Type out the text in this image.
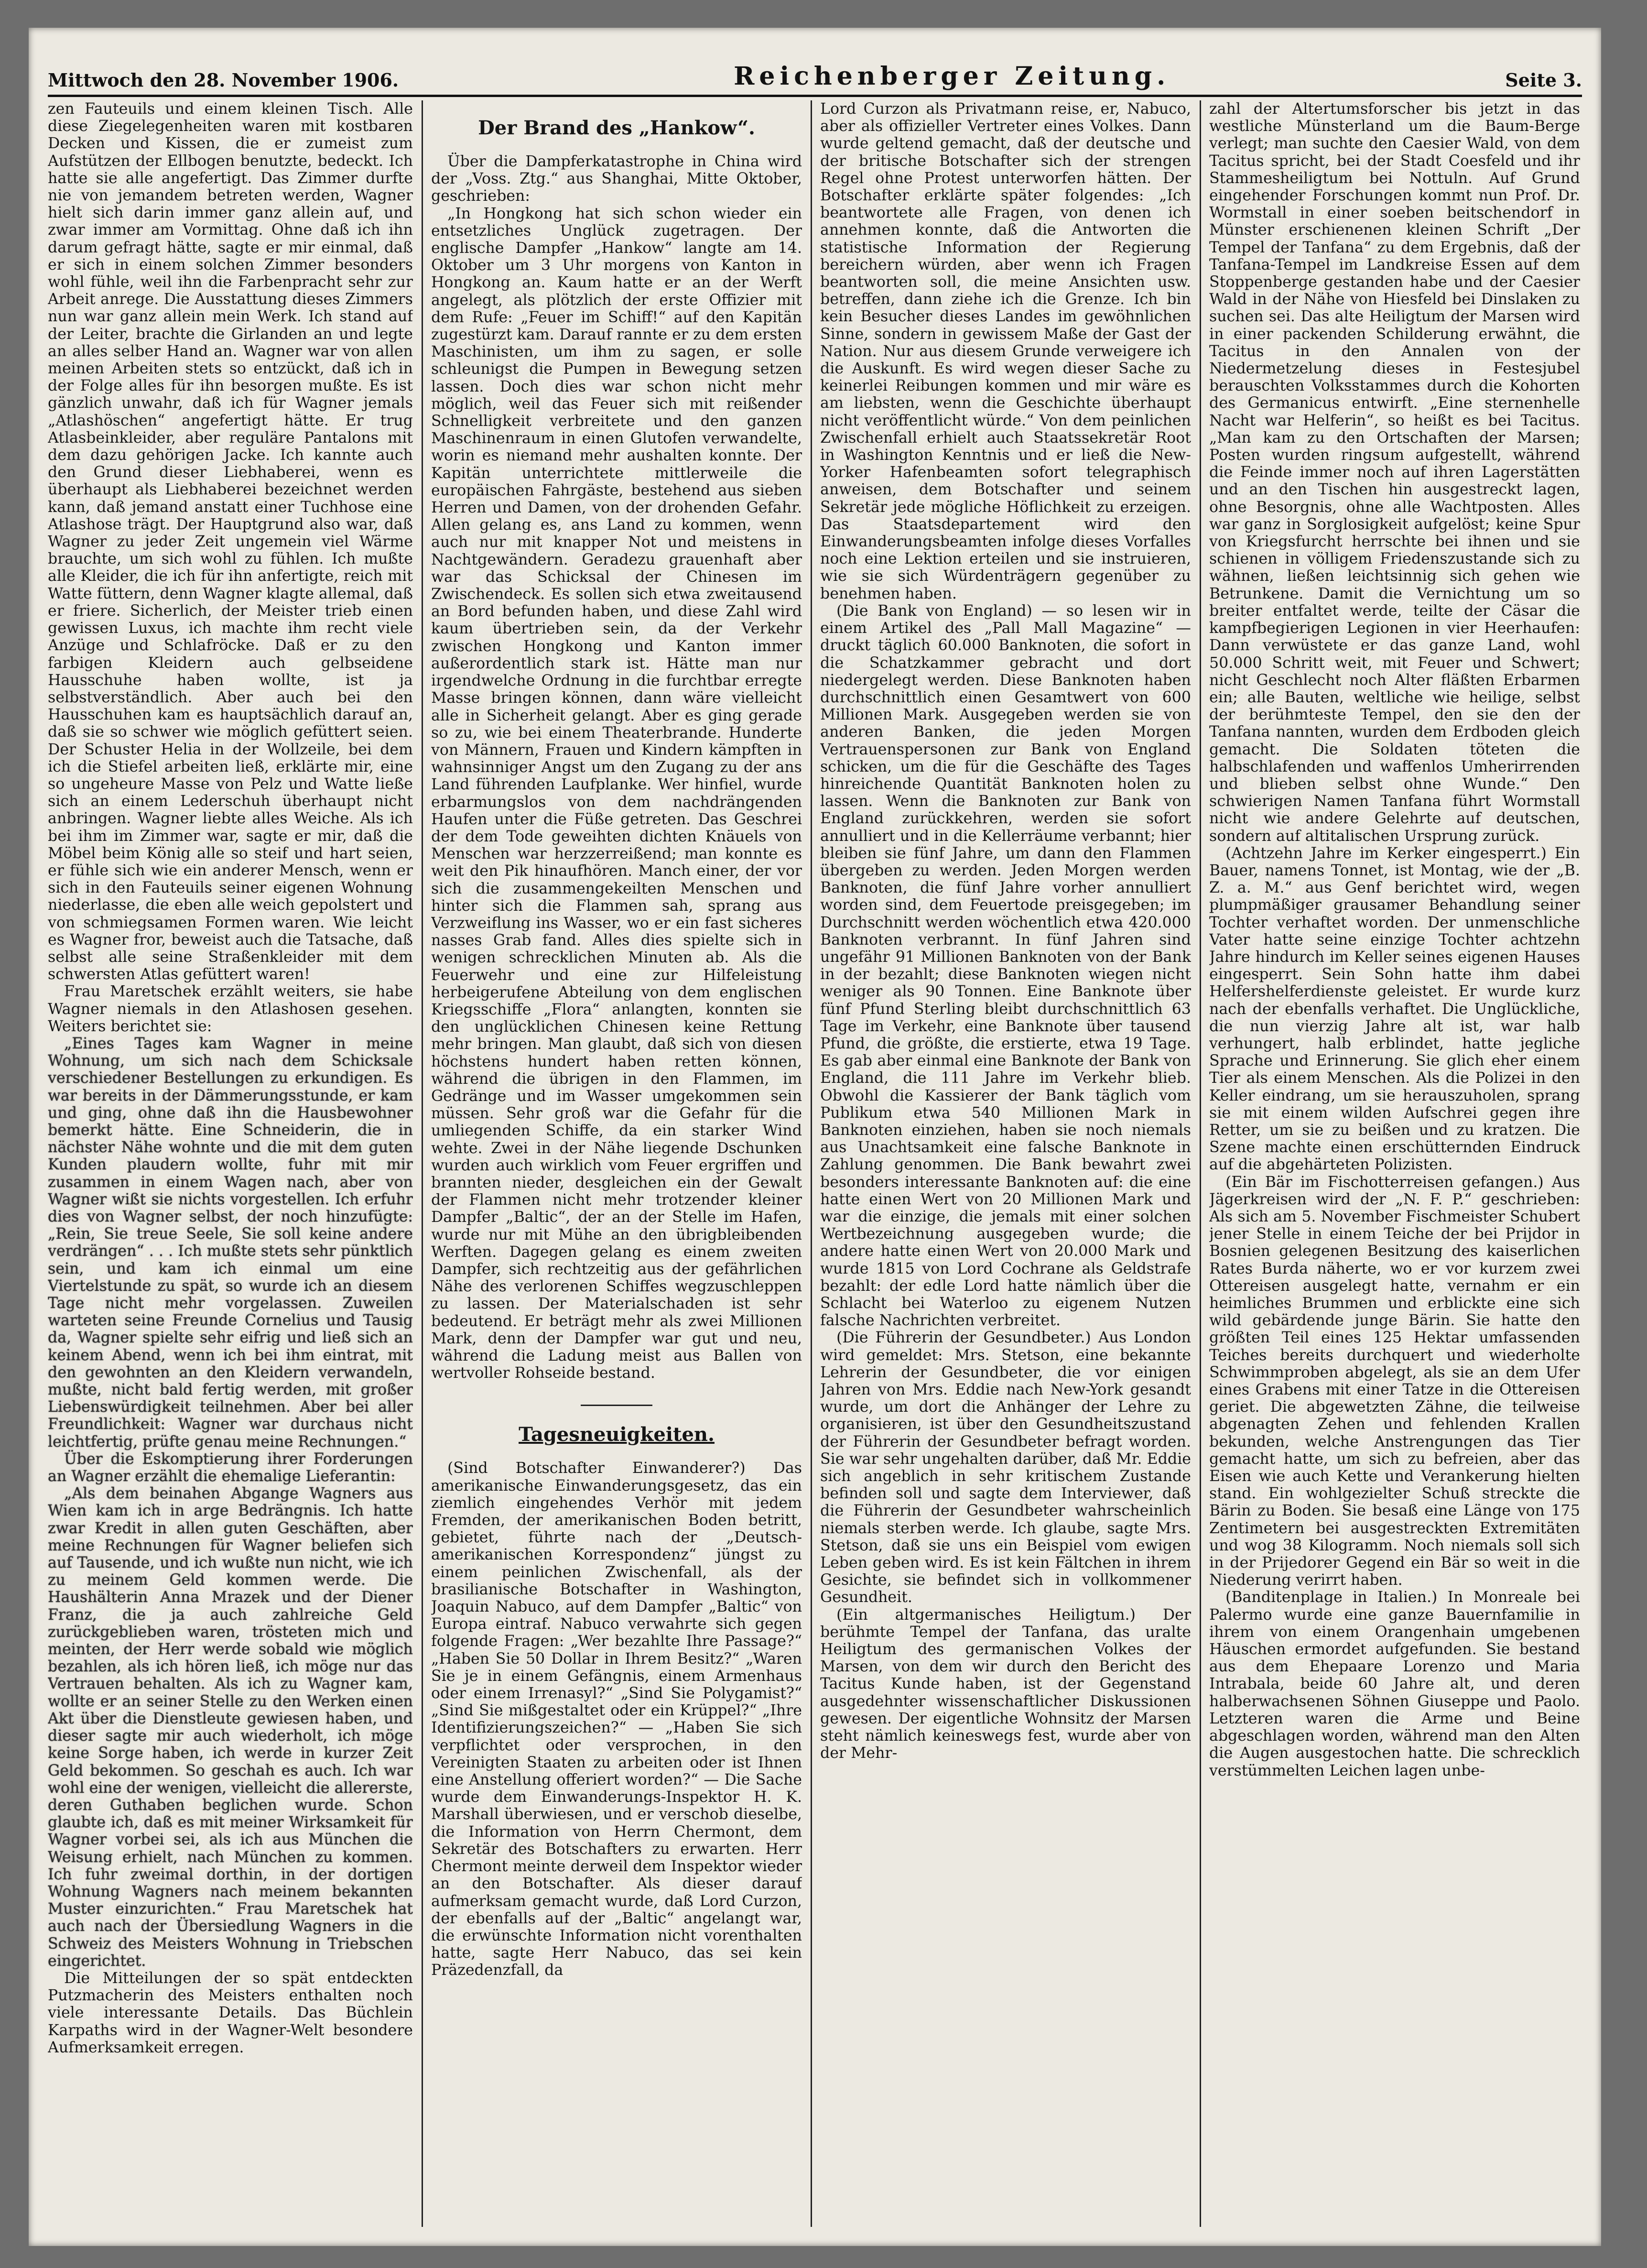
Mittwoch den 28. November 1906.	Reichenberger Zeitung.	Seite 3.

zen Fauteuils und einem kleinen Tisch. Alle diese Ziegelegenheiten waren mit kostbaren Decken und Kissen, die er zumeist zum Aufstützen der Ellbogen benutzte, bedeckt. Ich hatte sie alle angefertigt. Das Zimmer durfte nie von jemandem betreten werden, Wagner hielt sich darin immer ganz allein auf, und zwar immer am Vormittag. Ohne daß ich ihn darum gefragt hätte, sagte er mir einmal, daß er sich in einem solchen Zimmer besonders wohl fühle, weil ihn die Farbenpracht sehr zur Arbeit anrege. Die Ausstattung dieses Zimmers nun war ganz allein mein Werk. Ich stand auf der Leiter, brachte die Girlanden an und legte an alles selber Hand an. Wagner war von allen meinen Arbeiten stets so entzückt, daß ich in der Folge alles für ihn besorgen mußte. Es ist gänzlich unwahr, daß ich für Wagner jemals „Atlashöschen“ angefertigt hätte. Er trug Atlasbeinkleider, aber reguläre Pantalons mit dem dazu gehörigen Jacke. Ich kannte auch den Grund dieser Liebhaberei, wenn es überhaupt als Liebhaberei bezeichnet werden kann, daß jemand anstatt einer Tuchhose eine Atlashose trägt. Der Hauptgrund also war, daß Wagner zu jeder Zeit ungemein viel Wärme brauchte, um sich wohl zu fühlen. Ich mußte alle Kleider, die ich für ihn anfertigte, reich mit Watte füttern, denn Wagner klagte allemal, daß er friere. Sicherlich, der Meister trieb einen gewissen Luxus, ich machte ihm recht viele Anzüge und Schlafröcke. Daß er zu den farbigen Kleidern auch gelbseidene Hausschuhe haben wollte, ist ja selbstverständlich. Aber auch bei den Hausschuhen kam es hauptsächlich darauf an, daß sie so schwer wie möglich gefüttert seien. Der Schuster Helia in der Wollzeile, bei dem ich die Stiefel arbeiten ließ, erklärte mir, eine so ungeheure Masse von Pelz und Watte ließe sich an einem Lederschuh überhaupt nicht anbringen. Wagner liebte alles Weiche. Als ich bei ihm im Zimmer war, sagte er mir, daß die Möbel beim König alle so steif und hart seien, er fühle sich wie ein anderer Mensch, wenn er sich in den Fauteuils seiner eigenen Wohnung niederlasse, die eben alle weich gepolstert und von schmiegsamen Formen waren. Wie leicht es Wagner fror, beweist auch die Tatsache, daß selbst alle seine Straßenkleider mit dem schwersten Atlas gefüttert waren!

Frau Maretschek erzählt weiters, sie habe Wagner niemals in den Atlashosen gesehen. Weiters berichtet sie:

„Eines Tages kam Wagner in meine Wohnung, um sich nach dem Schicksale verschiedener Bestellungen zu erkundigen. Es war bereits in der Dämmerungsstunde, er kam und ging, ohne daß ihn die Hausbewohner bemerkt hätte. Eine Schneiderin, die in nächster Nähe wohnte und die mit dem guten Kunden plaudern wollte, fuhr mit mir zusammen in einem Wagen nach, aber von Wagner wißt sie nichts vorgestellen. Ich erfuhr dies von Wagner selbst, der noch hinzufügte: „Rein, Sie treue Seele, Sie soll keine andere verdrängen“ . . . Ich mußte stets sehr pünktlich sein, und kam ich einmal um eine Viertelstunde zu spät, so wurde ich an diesem Tage nicht mehr vorgelassen. Zuweilen warteten seine Freunde Cornelius und Tausig da, Wagner spielte sehr eifrig und ließ sich an keinem Abend, wenn ich bei ihm eintrat, mit den gewohnten an den Kleidern verwandeln, mußte, nicht bald fertig werden, mit großer Liebenswürdigkeit teilnehmen. Aber bei aller Freundlichkeit: Wagner war durchaus nicht leichtfertig, prüfte genau meine Rechnungen.“

Über die Eskomptierung ihrer Forderungen an Wagner erzählt die ehemalige Lieferantin:

„Als dem beinahen Abgange Wagners aus Wien kam ich in arge Bedrängnis. Ich hatte zwar Kredit in allen guten Geschäften, aber meine Rechnungen für Wagner beliefen sich auf Tausende, und ich wußte nun nicht, wie ich zu meinem Geld kommen werde. Die Haushälterin Anna Mrazek und der Diener Franz, die ja auch zahlreiche Geld zurückgeblieben waren, trösteten mich und meinten, der Herr werde sobald wie möglich bezahlen, als ich hören ließ, ich möge nur das Vertrauen behalten. Als ich zu Wagner kam, wollte er an seiner Stelle zu den Werken einen Akt über die Dienstleute gewiesen haben, und dieser sagte mir auch wiederholt, ich möge keine Sorge haben, ich werde in kurzer Zeit Geld bekommen. So geschah es auch. Ich war wohl eine der wenigen, vielleicht die allererste, deren Guthaben beglichen wurde. Schon glaubte ich, daß es mit meiner Wirksamkeit für Wagner vorbei sei, als ich aus München die Weisung erhielt, nach München zu kommen. Ich fuhr zweimal dorthin, in der dortigen Wohnung Wagners nach meinem bekannten Muster einzurichten.“ Frau Maretschek hat auch nach der Übersiedlung Wagners in die Schweiz des Meisters Wohnung in Triebschen eingerichtet.

Die Mitteilungen der so spät entdeckten Putzmacherin des Meisters enthalten noch viele interessante Details. Das Büchlein Karpaths wird in der Wagner-Welt besondere Aufmerksamkeit erregen.

Der Brand des „Hankow“.

Über die Dampferkatastrophe in China wird der „Voss. Ztg.“ aus Shanghai, Mitte Oktober, geschrieben:

„In Hongkong hat sich schon wieder ein entsetzliches Unglück zugetragen. Der englische Dampfer „Hankow“ langte am 14. Oktober um 3 Uhr morgens von Kanton in Hongkong an. Kaum hatte er an der Werft angelegt, als plötzlich der erste Offizier mit dem Rufe: „Feuer im Schiff!“ auf den Kapitän zugestürzt kam. Darauf rannte er zu dem ersten Maschinisten, um ihm zu sagen, er solle schleunigst die Pumpen in Bewegung setzen lassen. Doch dies war schon nicht mehr möglich, weil das Feuer sich mit reißender Schnelligkeit verbreitete und den ganzen Maschinenraum in einen Glutofen verwandelte, worin es niemand mehr aushalten konnte. Der Kapitän unterrichtete mittlerweile die europäischen Fahrgäste, bestehend aus sieben Herren und Damen, von der drohenden Gefahr. Allen gelang es, ans Land zu kommen, wenn auch nur mit knapper Not und meistens in Nachtgewändern. Geradezu grauenhaft aber war das Schicksal der Chinesen im Zwischendeck. Es sollen sich etwa zweitausend an Bord befunden haben, und diese Zahl wird kaum übertrieben sein, da der Verkehr zwischen Hongkong und Kanton immer außerordentlich stark ist. Hätte man nur irgendwelche Ordnung in die furchtbar erregte Masse bringen können, dann wäre vielleicht alle in Sicherheit gelangt. Aber es ging gerade so zu, wie bei einem Theaterbrande. Hunderte von Männern, Frauen und Kindern kämpften in wahnsinniger Angst um den Zugang zu der ans Land führenden Laufplanke. Wer hinfiel, wurde erbarmungslos von dem nachdrängenden Haufen unter die Füße getreten. Das Geschrei der dem Tode geweihten dichten Knäuels von Menschen war herzzerreißend; man konnte es weit den Pik hinaufhören. Manch einer, der vor sich die zusammengekeilten Menschen und hinter sich die Flammen sah, sprang aus Verzweiflung ins Wasser, wo er ein fast sicheres nasses Grab fand. Alles dies spielte sich in wenigen schrecklichen Minuten ab. Als die Feuerwehr und eine zur Hilfeleistung herbeigerufene Abteilung von dem englischen Kriegsschiffe „Flora“ anlangten, konnten sie den unglücklichen Chinesen keine Rettung mehr bringen. Man glaubt, daß sich von diesen höchstens hundert haben retten können, während die übrigen in den Flammen, im Gedränge und im Wasser umgekommen sein müssen. Sehr groß war die Gefahr für die umliegenden Schiffe, da ein starker Wind wehte. Zwei in der Nähe liegende Dschunken wurden auch wirklich vom Feuer ergriffen und brannten nieder, desgleichen ein der Gewalt der Flammen nicht mehr trotzender kleiner Dampfer „Baltic“, der an der Stelle im Hafen, wurde nur mit Mühe an den übrigbleibenden Werften. Dagegen gelang es einem zweiten Dampfer, sich rechtzeitig aus der gefährlichen Nähe des verlorenen Schiffes wegzuschleppen zu lassen. Der Materialschaden ist sehr bedeutend. Er beträgt mehr als zwei Millionen Mark, denn der Dampfer war gut und neu, während die Ladung meist aus Ballen von wertvoller Rohseide bestand.

Tagesneuigkeiten.

(Sind Botschafter Einwanderer?) Das amerikanische Einwanderungsgesetz, das ein ziemlich eingehendes Verhör mit jedem Fremden, der amerikanischen Boden betritt, gebietet, führte nach der „Deutsch-amerikanischen Korrespondenz“ jüngst zu einem peinlichen Zwischenfall, als der brasilianische Botschafter in Washington, Joaquin Nabuco, auf dem Dampfer „Baltic“ von Europa eintraf. Nabuco verwahrte sich gegen folgende Fragen: „Wer bezahlte Ihre Passage?“ „Haben Sie 50 Dollar in Ihrem Besitz?“ „Waren Sie je in einem Gefängnis, einem Armenhaus oder einem Irrenasyl?“ „Sind Sie Polygamist?“ „Sind Sie mißgestaltet oder ein Krüppel?“ „Ihre Identifizierungszeichen?“ — „Haben Sie sich verpflichtet oder versprochen, in den Vereinigten Staaten zu arbeiten oder ist Ihnen eine Anstellung offeriert worden?“ — Die Sache wurde dem Einwanderungs-Inspektor H. K. Marshall überwiesen, und er verschob dieselbe, die Information von Herrn Chermont, dem Sekretär des Botschafters zu erwarten. Herr Chermont meinte derweil dem Inspektor wieder an den Botschafter. Als dieser darauf aufmerksam gemacht wurde, daß Lord Curzon, der ebenfalls auf der „Baltic“ angelangt war, die erwünschte Information nicht vorenthalten hatte, sagte Herr Nabuco, das sei kein Präzedenzfall, da

Lord Curzon als Privatmann reise, er, Nabuco, aber als offizieller Vertreter eines Volkes. Dann wurde geltend gemacht, daß der deutsche und der britische Botschafter sich der strengen Regel ohne Protest unterworfen hätten. Der Botschafter erklärte später folgendes: „Ich beantwortete alle Fragen, von denen ich annehmen konnte, daß die Antworten die statistische Information der Regierung bereichern würden, aber wenn ich Fragen beantworten soll, die meine Ansichten usw. betreffen, dann ziehe ich die Grenze. Ich bin kein Besucher dieses Landes im gewöhnlichen Sinne, sondern in gewissem Maße der Gast der Nation. Nur aus diesem Grunde verweigere ich die Auskunft. Es wird wegen dieser Sache zu keinerlei Reibungen kommen und mir wäre es am liebsten, wenn die Geschichte überhaupt nicht veröffentlicht würde.“ Von dem peinlichen Zwischenfall erhielt auch Staatssekretär Root in Washington Kenntnis und er ließ die New-Yorker Hafenbeamten sofort telegraphisch anweisen, dem Botschafter und seinem Sekretär jede mögliche Höflichkeit zu erzeigen. Das Staatsdepartement wird den Einwanderungsbeamten infolge dieses Vorfalles noch eine Lektion erteilen und sie instruieren, wie sie sich Würdenträgern gegenüber zu benehmen haben.

(Die Bank von England) — so lesen wir in einem Artikel des „Pall Mall Magazine“ — druckt täglich 60.000 Banknoten, die sofort in die Schatzkammer gebracht und dort niedergelegt werden. Diese Banknoten haben durchschnittlich einen Gesamtwert von 600 Millionen Mark. Ausgegeben werden sie von anderen Banken, die jeden Morgen Vertrauenspersonen zur Bank von England schicken, um die für die Geschäfte des Tages hinreichende Quantität Banknoten holen zu lassen. Wenn die Banknoten zur Bank von England zurückkehren, werden sie sofort annulliert und in die Kellerräume verbannt; hier bleiben sie fünf Jahre, um dann den Flammen übergeben zu werden. Jeden Morgen werden Banknoten, die fünf Jahre vorher annulliert worden sind, dem Feuertode preisgegeben; im Durchschnitt werden wöchentlich etwa 420.000 Banknoten verbrannt. In fünf Jahren sind ungefähr 91 Millionen Banknoten von der Bank in der bezahlt; diese Banknoten wiegen nicht weniger als 90 Tonnen. Eine Banknote über fünf Pfund Sterling bleibt durchschnittlich 63 Tage im Verkehr, eine Banknote über tausend Pfund, die größte, die erstierte, etwa 19 Tage. Es gab aber einmal eine Banknote der Bank von England, die 111 Jahre im Verkehr blieb. Obwohl die Kassierer der Bank täglich vom Publikum etwa 540 Millionen Mark in Banknoten einziehen, haben sie noch niemals aus Unachtsamkeit eine falsche Banknote in Zahlung genommen. Die Bank bewahrt zwei besonders interessante Banknoten auf: die eine hatte einen Wert von 20 Millionen Mark und war die einzige, die jemals mit einer solchen Wertbezeichnung ausgegeben wurde; die andere hatte einen Wert von 20.000 Mark und wurde 1815 von Lord Cochrane als Geldstrafe bezahlt: der edle Lord hatte nämlich über die Schlacht bei Waterloo zu eigenem Nutzen falsche Nachrichten verbreitet.

(Die Führerin der Gesundbeter.) Aus London wird gemeldet: Mrs. Stetson, eine bekannte Lehrerin der Gesundbeter, die vor einigen Jahren von Mrs. Eddie nach New-York gesandt wurde, um dort die Anhänger der Lehre zu organisieren, ist über den Gesundheitszustand der Führerin der Gesundbeter befragt worden. Sie war sehr ungehalten darüber, daß Mr. Eddie sich angeblich in sehr kritischem Zustande befinden soll und sagte dem Interviewer, daß die Führerin der Gesundbeter wahrscheinlich niemals sterben werde. Ich glaube, sagte Mrs. Stetson, daß sie uns ein Beispiel vom ewigen Leben geben wird. Es ist kein Fältchen in ihrem Gesichte, sie befindet sich in vollkommener Gesundheit.

(Ein altgermanisches Heiligtum.) Der berühmte Tempel der Tanfana, das uralte Heiligtum des germanischen Volkes der Marsen, von dem wir durch den Bericht des Tacitus Kunde haben, ist der Gegenstand ausgedehnter wissenschaftlicher Diskussionen gewesen. Der eigentliche Wohnsitz der Marsen steht nämlich keineswegs fest, wurde aber von der Mehr-

zahl der Altertumsforscher bis jetzt in das westliche Münsterland um die Baum-Berge verlegt; man suchte den Caesier Wald, von dem Tacitus spricht, bei der Stadt Coesfeld und ihr Stammesheiligtum bei Nottuln. Auf Grund eingehender Forschungen kommt nun Prof. Dr. Wormstall in einer soeben beitschendorf in Münster erschienenen kleinen Schrift „Der Tempel der Tanfana“ zu dem Ergebnis, daß der Tanfana-Tempel im Landkreise Essen auf dem Stoppenberge gestanden habe und der Caesier Wald in der Nähe von Hiesfeld bei Dinslaken zu suchen sei. Das alte Heiligtum der Marsen wird in einer packenden Schilderung erwähnt, die Tacitus in den Annalen von der Niedermetzelung dieses in Festesjubel berauschten Volksstammes durch die Kohorten des Germanicus entwirft. „Eine sternenhelle Nacht war Helferin“, so heißt es bei Tacitus. „Man kam zu den Ortschaften der Marsen; Posten wurden ringsum aufgestellt, während die Feinde immer noch auf ihren Lagerstätten und an den Tischen hin ausgestreckt lagen, ohne Besorgnis, ohne alle Wachtposten. Alles war ganz in Sorglosigkeit aufgelöst; keine Spur von Kriegsfurcht herrschte bei ihnen und sie schienen in völligem Friedenszustande sich zu wähnen, ließen leichtsinnig sich gehen wie Betrunkene. Damit die Vernichtung um so breiter entfaltet werde, teilte der Cäsar die kampfbegierigen Legionen in vier Heerhaufen: Dann verwüstete er das ganze Land, wohl 50.000 Schritt weit, mit Feuer und Schwert; nicht Geschlecht noch Alter fläßten Erbarmen ein; alle Bauten, weltliche wie heilige, selbst der berühmteste Tempel, den sie den der Tanfana nannten, wurden dem Erdboden gleich gemacht. Die Soldaten töteten die halbschlafenden und waffenlos Umherirrenden und blieben selbst ohne Wunde.“ Den schwierigen Namen Tanfana führt Wormstall nicht wie andere Gelehrte auf deutschen, sondern auf altitalischen Ursprung zurück.

(Achtzehn Jahre im Kerker eingesperrt.) Ein Bauer, namens Tonnet, ist Montag, wie der „B. Z. a. M.“ aus Genf berichtet wird, wegen plumpmäßiger grausamer Behandlung seiner Tochter verhaftet worden. Der unmenschliche Vater hatte seine einzige Tochter achtzehn Jahre hindurch im Keller seines eigenen Hauses eingesperrt. Sein Sohn hatte ihm dabei Helfershelferdienste geleistet. Er wurde kurz nach der ebenfalls verhaftet. Die Unglückliche, die nun vierzig Jahre alt ist, war halb verhungert, halb erblindet, hatte jegliche Sprache und Erinnerung. Sie glich eher einem Tier als einem Menschen. Als die Polizei in den Keller eindrang, um sie herauszuholen, sprang sie mit einem wilden Aufschrei gegen ihre Retter, um sie zu beißen und zu kratzen. Die Szene machte einen erschütternden Eindruck auf die abgehärteten Polizisten.

(Ein Bär im Fischotterreisen gefangen.) Aus Jägerkreisen wird der „N. F. P.“ geschrieben: Als sich am 5. November Fischmeister Schubert jener Stelle in einem Teiche der bei Prijdor in Bosnien gelegenen Besitzung des kaiserlichen Rates Burda näherte, wo er vor kurzem zwei Ottereisen ausgelegt hatte, vernahm er ein heimliches Brummen und erblickte eine sich wild gebärdende junge Bärin. Sie hatte den größten Teil eines 125 Hektar umfassenden Teiches bereits durchquert und wiederholte Schwimmproben abgelegt, als sie an dem Ufer eines Grabens mit einer Tatze in die Ottereisen geriet. Die abgewetzten Zähne, die teilweise abgenagten Zehen und fehlenden Krallen bekunden, welche Anstrengungen das Tier gemacht hatte, um sich zu befreien, aber das Eisen wie auch Kette und Verankerung hielten stand. Ein wohlgezielter Schuß streckte die Bärin zu Boden. Sie besaß eine Länge von 175 Zentimetern bei ausgestreckten Extremitäten und wog 38 Kilogramm. Noch niemals soll sich in der Prijedorer Gegend ein Bär so weit in die Niederung verirrt haben.

(Banditenplage in Italien.) In Monreale bei Palermo wurde eine ganze Bauernfamilie in ihrem von einem Orangenhain umgebenen Häuschen ermordet aufgefunden. Sie bestand aus dem Ehepaare Lorenzo und Maria Intrabala, beide 60 Jahre alt, und deren halberwachsenen Söhnen Giuseppe und Paolo. Letzteren waren die Arme und Beine abgeschlagen worden, während man den Alten die Augen ausgestochen hatte. Die schrecklich verstümmelten Leichen lagen unbe-
